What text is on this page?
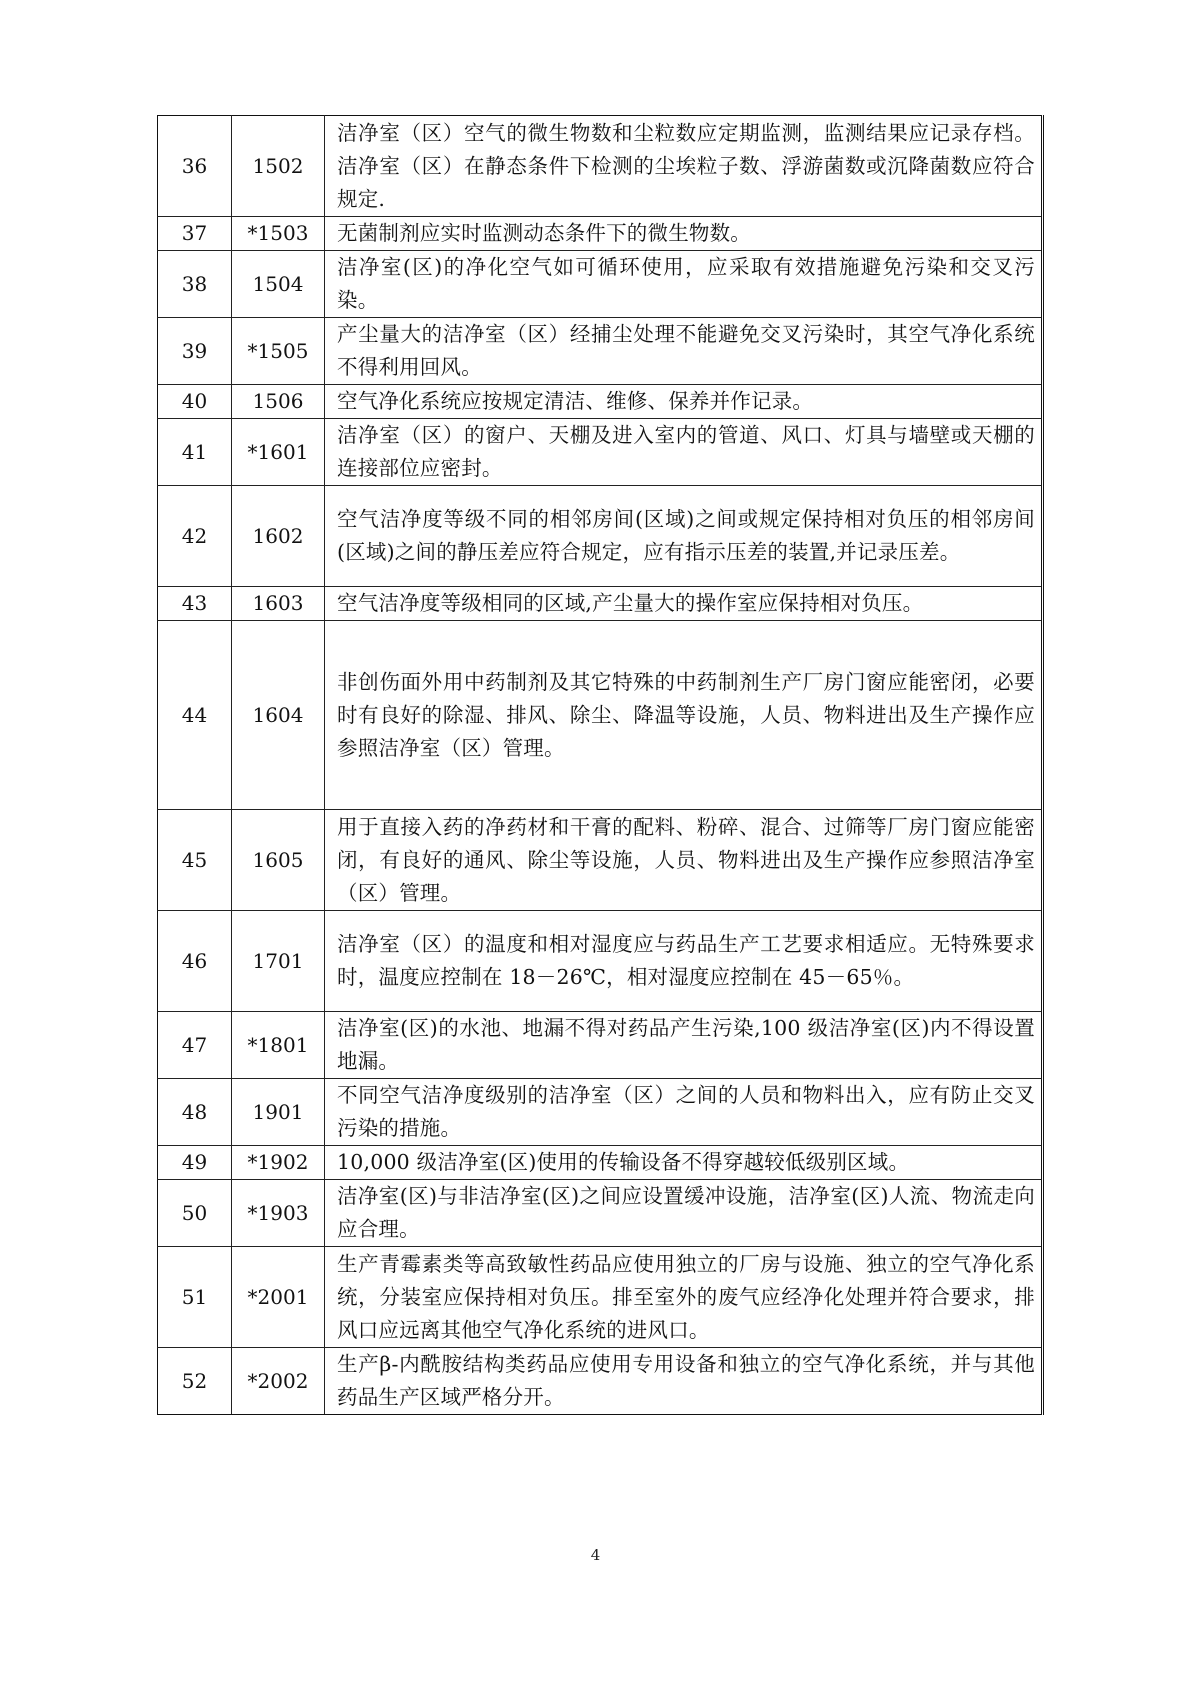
36	1502	洁净室（区）空气的微生物数和尘粒数应定期监测，监测结果应记录存档。洁净室（区）在静态条件下检测的尘埃粒子数、浮游菌数或沉降菌数应符合规定.
37	*1503	无菌制剂应实时监测动态条件下的微生物数。
38	1504	洁净室(区)的净化空气如可循环使用，应采取有效措施避免污染和交叉污染。
39	*1505	产尘量大的洁净室（区）经捕尘处理不能避免交叉污染时，其空气净化系统不得利用回风。
40	1506	空气净化系统应按规定清洁、维修、保养并作记录。
41	*1601	洁净室（区）的窗户、天棚及进入室内的管道、风口、灯具与墙壁或天棚的连接部位应密封。
42	1602	空气洁净度等级不同的相邻房间(区域)之间或规定保持相对负压的相邻房间(区域)之间的静压差应符合规定，应有指示压差的装置,并记录压差。
43	1603	空气洁净度等级相同的区域,产尘量大的操作室应保持相对负压。
44	1604	非创伤面外用中药制剂及其它特殊的中药制剂生产厂房门窗应能密闭，必要时有良好的除湿、排风、除尘、降温等设施，人员、物料进出及生产操作应参照洁净室（区）管理。
45	1605	用于直接入药的净药材和干膏的配料、粉碎、混合、过筛等厂房门窗应能密闭，有良好的通风、除尘等设施，人员、物料进出及生产操作应参照洁净室（区）管理。
46	1701	洁净室（区）的温度和相对湿度应与药品生产工艺要求相适应。无特殊要求时，温度应控制在 18－26℃，相对湿度应控制在 45－65％。
47	*1801	洁净室(区)的水池、地漏不得对药品产生污染,100 级洁净室(区)内不得设置地漏。
48	1901	不同空气洁净度级别的洁净室（区）之间的人员和物料出入，应有防止交叉污染的措施。
49	*1902	10,000 级洁净室(区)使用的传输设备不得穿越较低级别区域。
50	*1903	洁净室(区)与非洁净室(区)之间应设置缓冲设施，洁净室(区)人流、物流走向应合理。
51	*2001	生产青霉素类等高致敏性药品应使用独立的厂房与设施、独立的空气净化系统，分装室应保持相对负压。排至室外的废气应经净化处理并符合要求，排风口应远离其他空气净化系统的进风口。
52	*2002	生产β-内酰胺结构类药品应使用专用设备和独立的空气净化系统，并与其他药品生产区域严格分开。
4
